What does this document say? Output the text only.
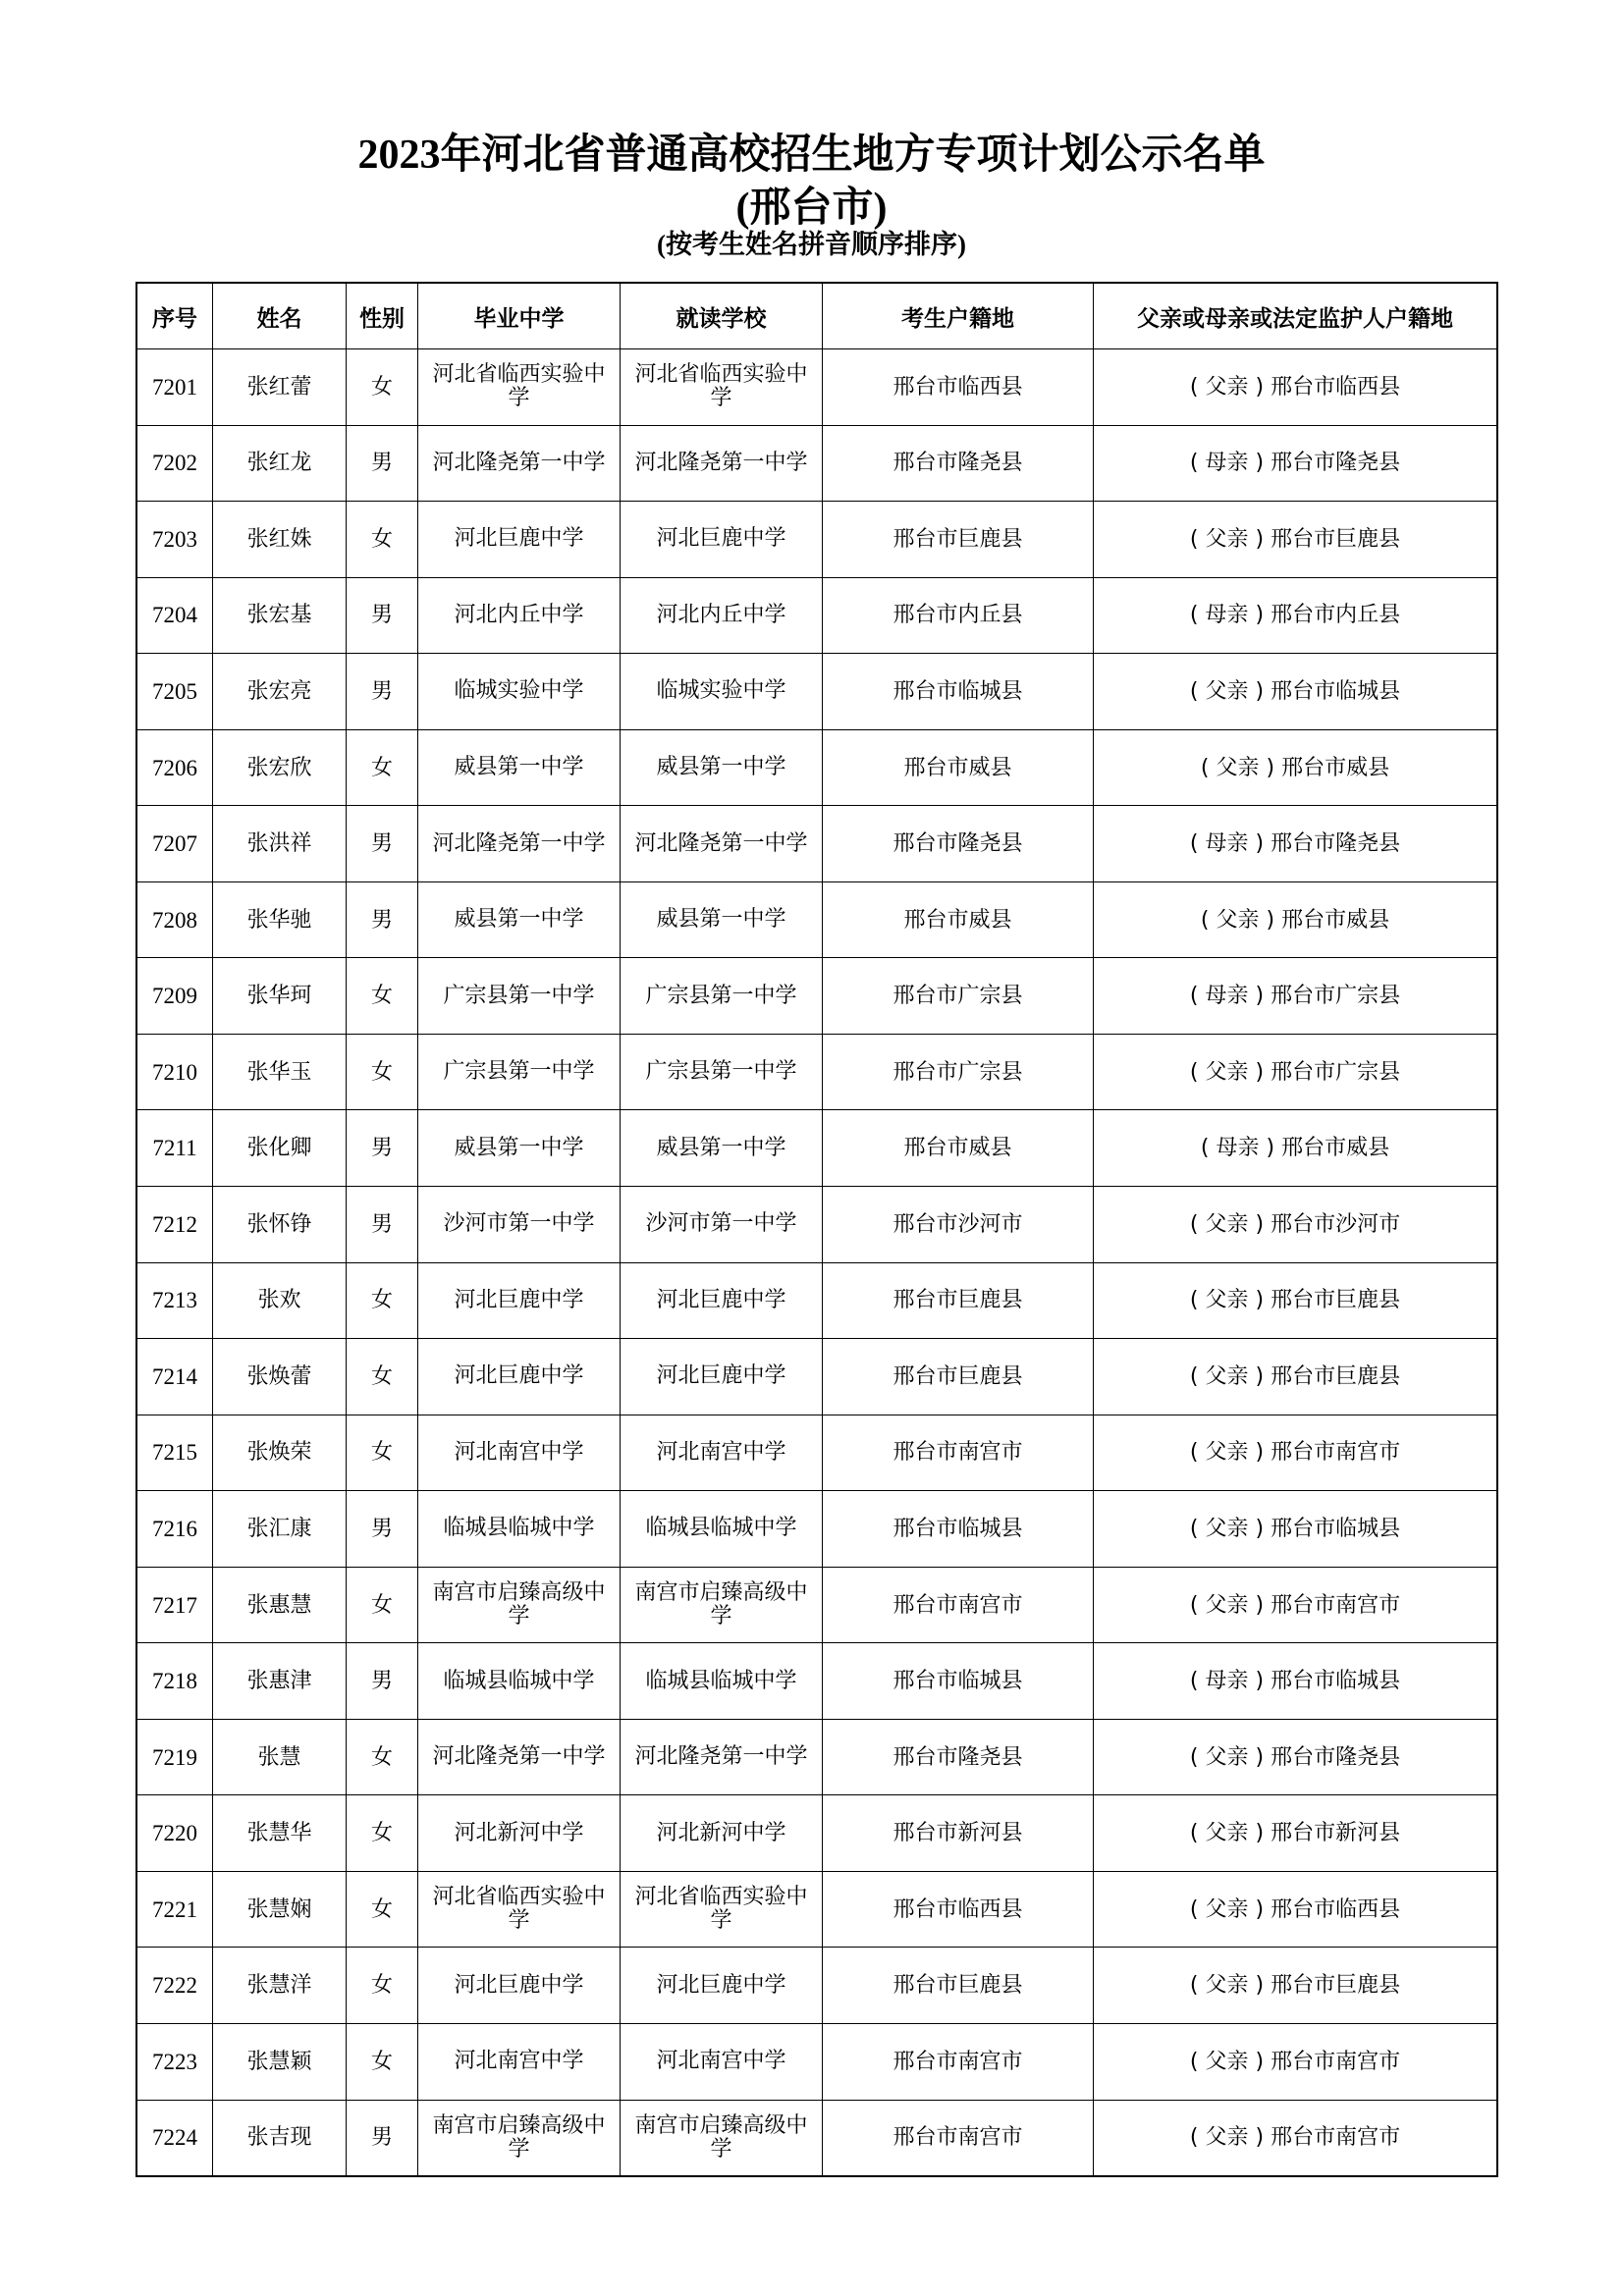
2023年河北省普通高校招生地方专项计划公示名单
(邢台市)
(按考生姓名拼音顺序排序)
序号	姓名	性别	毕业中学	就读学校	考生户籍地	父亲或母亲或法定监护人户籍地
7201	张红蕾	女	河北省临西实验中学	河北省临西实验中学	邢台市临西县	( 父亲 ) 邢台市临西县
7202	张红龙	男	河北隆尧第一中学	河北隆尧第一中学	邢台市隆尧县	( 母亲 ) 邢台市隆尧县
7203	张红姝	女	河北巨鹿中学	河北巨鹿中学	邢台市巨鹿县	( 父亲 ) 邢台市巨鹿县
7204	张宏基	男	河北内丘中学	河北内丘中学	邢台市内丘县	( 母亲 ) 邢台市内丘县
7205	张宏亮	男	临城实验中学	临城实验中学	邢台市临城县	( 父亲 ) 邢台市临城县
7206	张宏欣	女	威县第一中学	威县第一中学	邢台市威县	( 父亲 ) 邢台市威县
7207	张洪祥	男	河北隆尧第一中学	河北隆尧第一中学	邢台市隆尧县	( 母亲 ) 邢台市隆尧县
7208	张华驰	男	威县第一中学	威县第一中学	邢台市威县	( 父亲 ) 邢台市威县
7209	张华珂	女	广宗县第一中学	广宗县第一中学	邢台市广宗县	( 母亲 ) 邢台市广宗县
7210	张华玉	女	广宗县第一中学	广宗县第一中学	邢台市广宗县	( 父亲 ) 邢台市广宗县
7211	张化卿	男	威县第一中学	威县第一中学	邢台市威县	( 母亲 ) 邢台市威县
7212	张怀铮	男	沙河市第一中学	沙河市第一中学	邢台市沙河市	( 父亲 ) 邢台市沙河市
7213	张欢	女	河北巨鹿中学	河北巨鹿中学	邢台市巨鹿县	( 父亲 ) 邢台市巨鹿县
7214	张焕蕾	女	河北巨鹿中学	河北巨鹿中学	邢台市巨鹿县	( 父亲 ) 邢台市巨鹿县
7215	张焕荣	女	河北南宫中学	河北南宫中学	邢台市南宫市	( 父亲 ) 邢台市南宫市
7216	张汇康	男	临城县临城中学	临城县临城中学	邢台市临城县	( 父亲 ) 邢台市临城县
7217	张惠慧	女	南宫市启臻高级中学	南宫市启臻高级中学	邢台市南宫市	( 父亲 ) 邢台市南宫市
7218	张惠津	男	临城县临城中学	临城县临城中学	邢台市临城县	( 母亲 ) 邢台市临城县
7219	张慧	女	河北隆尧第一中学	河北隆尧第一中学	邢台市隆尧县	( 父亲 ) 邢台市隆尧县
7220	张慧华	女	河北新河中学	河北新河中学	邢台市新河县	( 父亲 ) 邢台市新河县
7221	张慧娴	女	河北省临西实验中学	河北省临西实验中学	邢台市临西县	( 父亲 ) 邢台市临西县
7222	张慧洋	女	河北巨鹿中学	河北巨鹿中学	邢台市巨鹿县	( 父亲 ) 邢台市巨鹿县
7223	张慧颖	女	河北南宫中学	河北南宫中学	邢台市南宫市	( 父亲 ) 邢台市南宫市
7224	张吉现	男	南宫市启臻高级中学	南宫市启臻高级中学	邢台市南宫市	( 父亲 ) 邢台市南宫市
